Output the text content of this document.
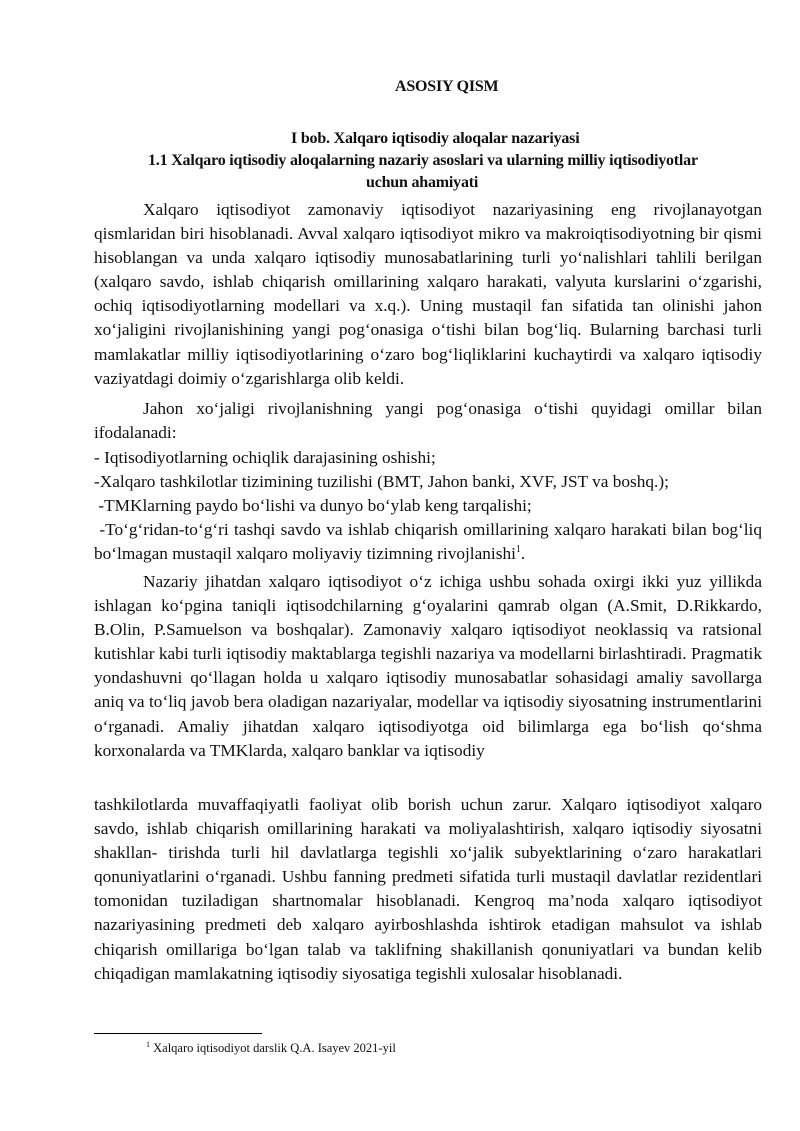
ASOSIY QISM
I bob. Xalqaro iqtisodiy aloqalar nazariyasi
1.1 Xalqaro iqtisodiy aloqalarning nazariy asoslari va ularning milliy iqtisodiyotlar
uchun ahamiyati

Xalqaro iqtisodiyot zamonaviy iqtisodiyot nazariyasining eng rivojlanayotgan qismlaridan biri hisoblanadi. Avval xalqaro iqtisodiyot mikro va makroiqtisodiyotning bir qismi hisoblangan va unda xalqaro iqtisodiy munosabatlarining turli yo‘nalishlari tahlili berilgan (xalqaro savdo, ishlab chiqarish omillarining xalqaro harakati, valyuta kurslarini o‘zgarishi, ochiq iqtisodiyotlarning modellari va x.q.). Uning mustaqil fan sifatida tan olinishi jahon xo‘jaligini rivojlanishining yangi pog‘onasiga o‘tishi bilan bog‘liq. Bularning barchasi turli mamlakatlar milliy iqtisodiyotlarining o‘zaro bog‘liqliklarini kuchaytirdi va xalqaro iqtisodiy vaziyatdagi doimiy o‘zgarishlarga olib keldi.

Jahon xo‘jaligi rivojlanishning yangi pog‘onasiga o‘tishi quyidagi omillar bilan ifodalanadi:

- Iqtisodiyotlarning ochiqlik darajasining oshishi;
-Xalqaro tashkilotlar tizimining tuzilishi (BMT, Jahon banki, XVF, JST va boshq.);
-TMKlarning paydo bo‘lishi va dunyo bo‘ylab keng tarqalishi;
-To‘g‘ridan-to‘g‘ri tashqi savdo va ishlab chiqarish omillarining xalqaro harakati bilan bog‘liq bo‘lmagan mustaqil xalqaro moliyaviy tizimning rivojlanishi$^1$.

Nazariy jihatdan xalqaro iqtisodiyot o‘z ichiga ushbu sohada oxirgi ikki yuz yillikda ishlagan ko‘pgina taniqli iqtisodchilarning g‘oyalarini qamrab olgan (A.Smit, D.Rikkardo, B.Olin, P.Samuelson va boshqalar). Zamonaviy xalqaro iqtisodiyot neoklassiq va ratsional kutishlar kabi turli iqtisodiy maktablarga tegishli nazariya va modellarni birlashtiradi. Pragmatik yondashuvni qo‘llagan holda u xalqaro iqtisodiy munosabatlar sohasidagi amaliy savollarga aniq va to‘liq javob bera oladigan nazariyalar, modellar va iqtisodiy siyosatning instrumentlarini o‘rganadi. Amaliy jihatdan xalqaro iqtisodiyotga oid bilimlarga ega bo‘lish qo‘shma korxonalarda va TMKlarda, xalqaro banklar va iqtisodiy

tashkilotlarda muvaffaqiyatli faoliyat olib borish uchun zarur. Xalqaro iqtisodiyot xalqaro savdo, ishlab chiqarish omillarining harakati va moliyalashtirish, xalqaro iqtisodiy siyosatni shakllan- tirishda turli hil davlatlarga tegishli xo‘jalik subyektlarining o‘zaro harakatlari qonuniyatlarini o‘rganadi. Ushbu fanning predmeti sifatida turli mustaqil davlatlar rezidentlari tomonidan tuziladigan shartnomalar hisoblanadi. Kengroq ma’noda xalqaro iqtisodiyot nazariyasining predmeti deb xalqaro ayirboshlashda ishtirok etadigan mahsulot va ishlab chiqarish omillariga bo‘lgan talab va taklifning shakillanish qonuniyatlari va bundan kelib chiqadigan mamlakatning iqtisodiy siyosatiga tegishli xulosalar hisoblanadi.

$^1$ Xalqaro iqtisodiyot darslik Q.A. Isayev 2021-yil
